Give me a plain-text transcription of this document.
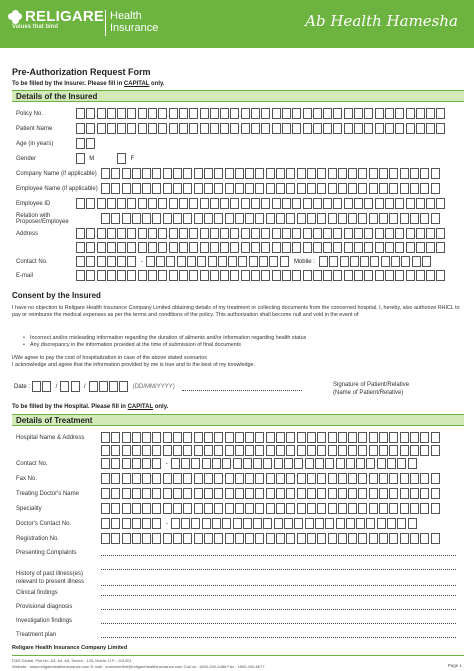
RELIGARE
Values that bind
Health
Insurance	Ab Health Hamesha
Pre-Authorization Request Form
To be filled by the Insurer. Please fill in CAPITAL only.
Details of the Insured
Policy No.
Patient Name
Age (in years)
Gender	M	F
Company Name (if applicable)
Employee Name (if applicable)
Employee ID
Relation with Proposer/Employee
Address
Contact No.	-	Mobile :
E-mail
Consent by the Insured
I have no objection to Religare Health Insurance Company Limited obtaining details of my treatment or collecting documents from the concerned hospital. I, hereby, also authorize RHICL to pay or reimburse the medical expenses as per the terms and conditions of the policy. This authorization shall become null and void in the event of
• Incorrect and/or misleading information regarding the duration of ailments and/or information regarding health status
• Any discrepancy in the information provided at the time of submission of final documents
I/We agree to pay the cost of hospitalization in case of the above stated scenarios
I acknowledge and agree that the information provided by me is true and to the best of my knowledge.
Date :	/	/	(DD/MM/YYYY)	Signature of Patient/Relative
(Name of Patient/Relative)
To be filled by the Hospital. Please fill in CAPITAL only.
Details of Treatment
Hospital Name & Address
Contact No.	-
Fax No.
Treating Doctor's Name
Speciality
Doctor's Contact No.	-
Registration No.
Presenting Complaints
History of past illness(es)
relevant to present illness
Clinical findings
Provisional diagnosis
Investigation findings
Treatment plan
Religare Health Insurance Company Limited
D3/5 Global, Plot No. A3, A4, A5, Sector - 125, Noida, U.P - 201301
Website : www.religarehealthinsurance.com E-mail : customerfirst@religarehealthinsurance.com Call us : 1800-200-4488 Fax : 1800-200-6677	Page 1
